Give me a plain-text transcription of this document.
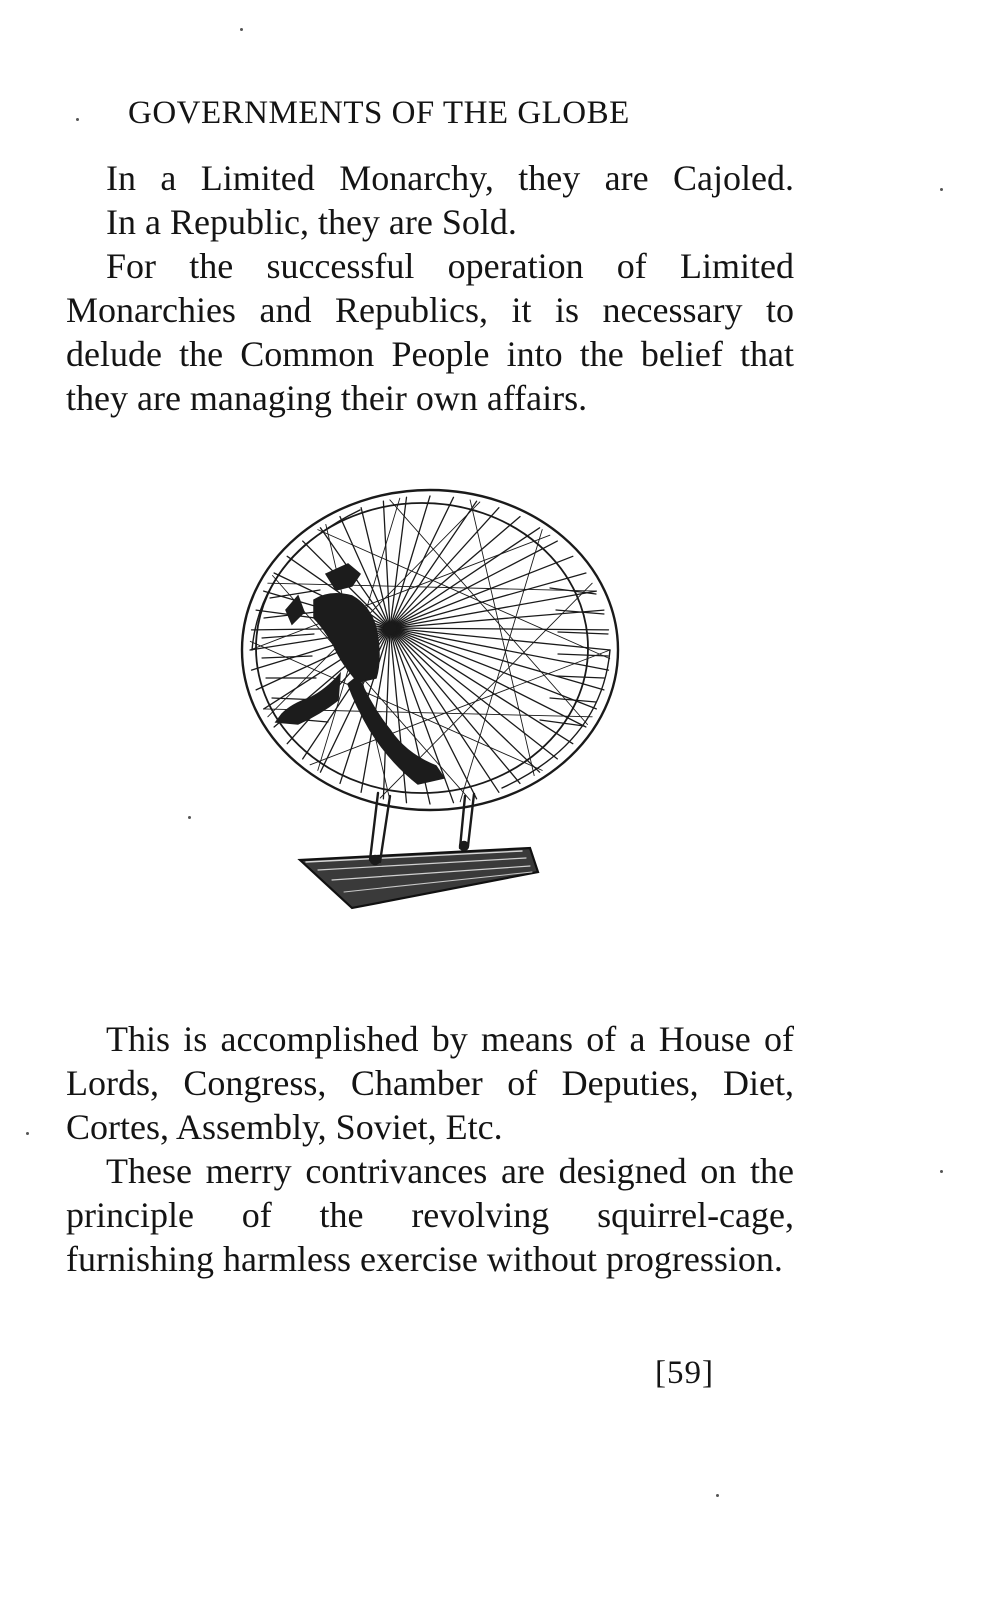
GOVERNMENTS OF THE GLOBE

In a Limited Monarchy, they are Cajoled.

In a Republic, they are Sold.

For the successful operation of Limited Monarchies and Republics, it is necessary to delude the Common People into the belief that they are managing their own affairs.

This is accomplished by means of a House of Lords, Congress, Chamber of Deputies, Diet, Cortes, Assembly, Soviet, Etc.

These merry contrivances are designed on the principle of the revolving squirrel-cage, furnishing harmless exercise without progression.

[59]
